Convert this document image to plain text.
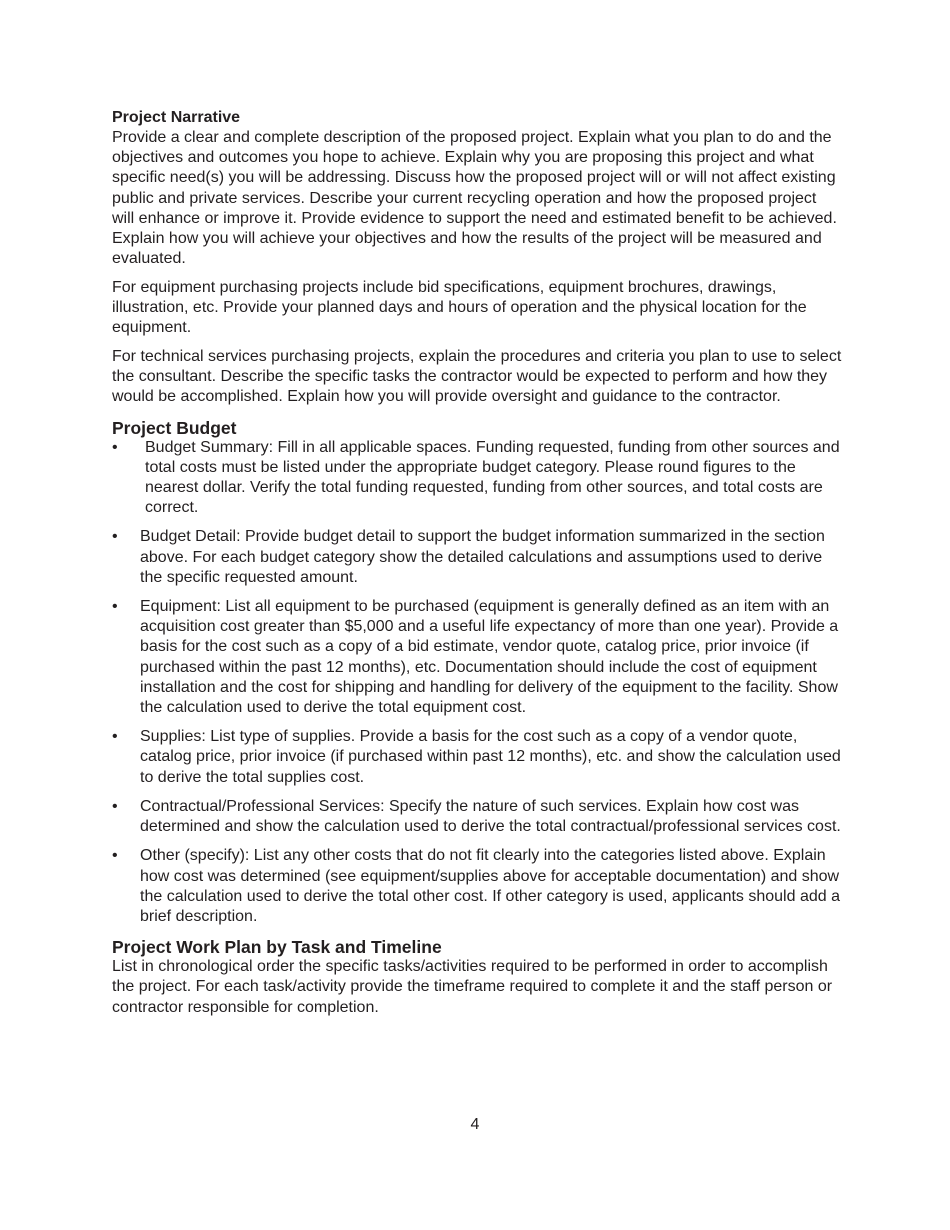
Project Narrative

Provide a clear and complete description of the proposed project. Explain what you plan to do and the objectives and outcomes you hope to achieve. Explain why you are proposing this project and what specific need(s) you will be addressing. Discuss how the proposed project will or will not affect existing public and private services. Describe your current recycling operation and how the proposed project will enhance or improve it. Provide evidence to support the need and estimated benefit to be achieved. Explain how you will achieve your objectives and how the results of the project will be measured and evaluated.

For equipment purchasing projects include bid specifications, equipment brochures, drawings, illustration, etc. Provide your planned days and hours of operation and the physical location for the equipment.

For technical services purchasing projects, explain the procedures and criteria you plan to use to select the consultant. Describe the specific tasks the contractor would be expected to perform and how they would be accomplished. Explain how you will provide oversight and guidance to the contractor.

Project Budget
• Budget Summary: Fill in all applicable spaces. Funding requested, funding from other sources and total costs must be listed under the appropriate budget category. Please round figures to the nearest dollar. Verify the total funding requested, funding from other sources, and total costs are correct.
• Budget Detail: Provide budget detail to support the budget information summarized in the section above. For each budget category show the detailed calculations and assumptions used to derive the specific requested amount.
• Equipment: List all equipment to be purchased (equipment is generally defined as an item with an acquisition cost greater than $5,000 and a useful life expectancy of more than one year). Provide a basis for the cost such as a copy of a bid estimate, vendor quote, catalog price, prior invoice (if purchased within the past 12 months), etc. Documentation should include the cost of equipment installation and the cost for shipping and handling for delivery of the equipment to the facility. Show the calculation used to derive the total equipment cost.
• Supplies: List type of supplies. Provide a basis for the cost such as a copy of a vendor quote, catalog price, prior invoice (if purchased within past 12 months), etc. and show the calculation used to derive the total supplies cost.
• Contractual/Professional Services: Specify the nature of such services. Explain how cost was determined and show the calculation used to derive the total contractual/professional services cost.
• Other (specify): List any other costs that do not fit clearly into the categories listed above. Explain how cost was determined (see equipment/supplies above for acceptable documentation) and show the calculation used to derive the total other cost. If other category is used, applicants should add a brief description.
Project Work Plan by Task and Timeline

List in chronological order the specific tasks/activities required to be performed in order to accomplish the project. For each task/activity provide the timeframe required to complete it and the staff person or contractor responsible for completion.

4
